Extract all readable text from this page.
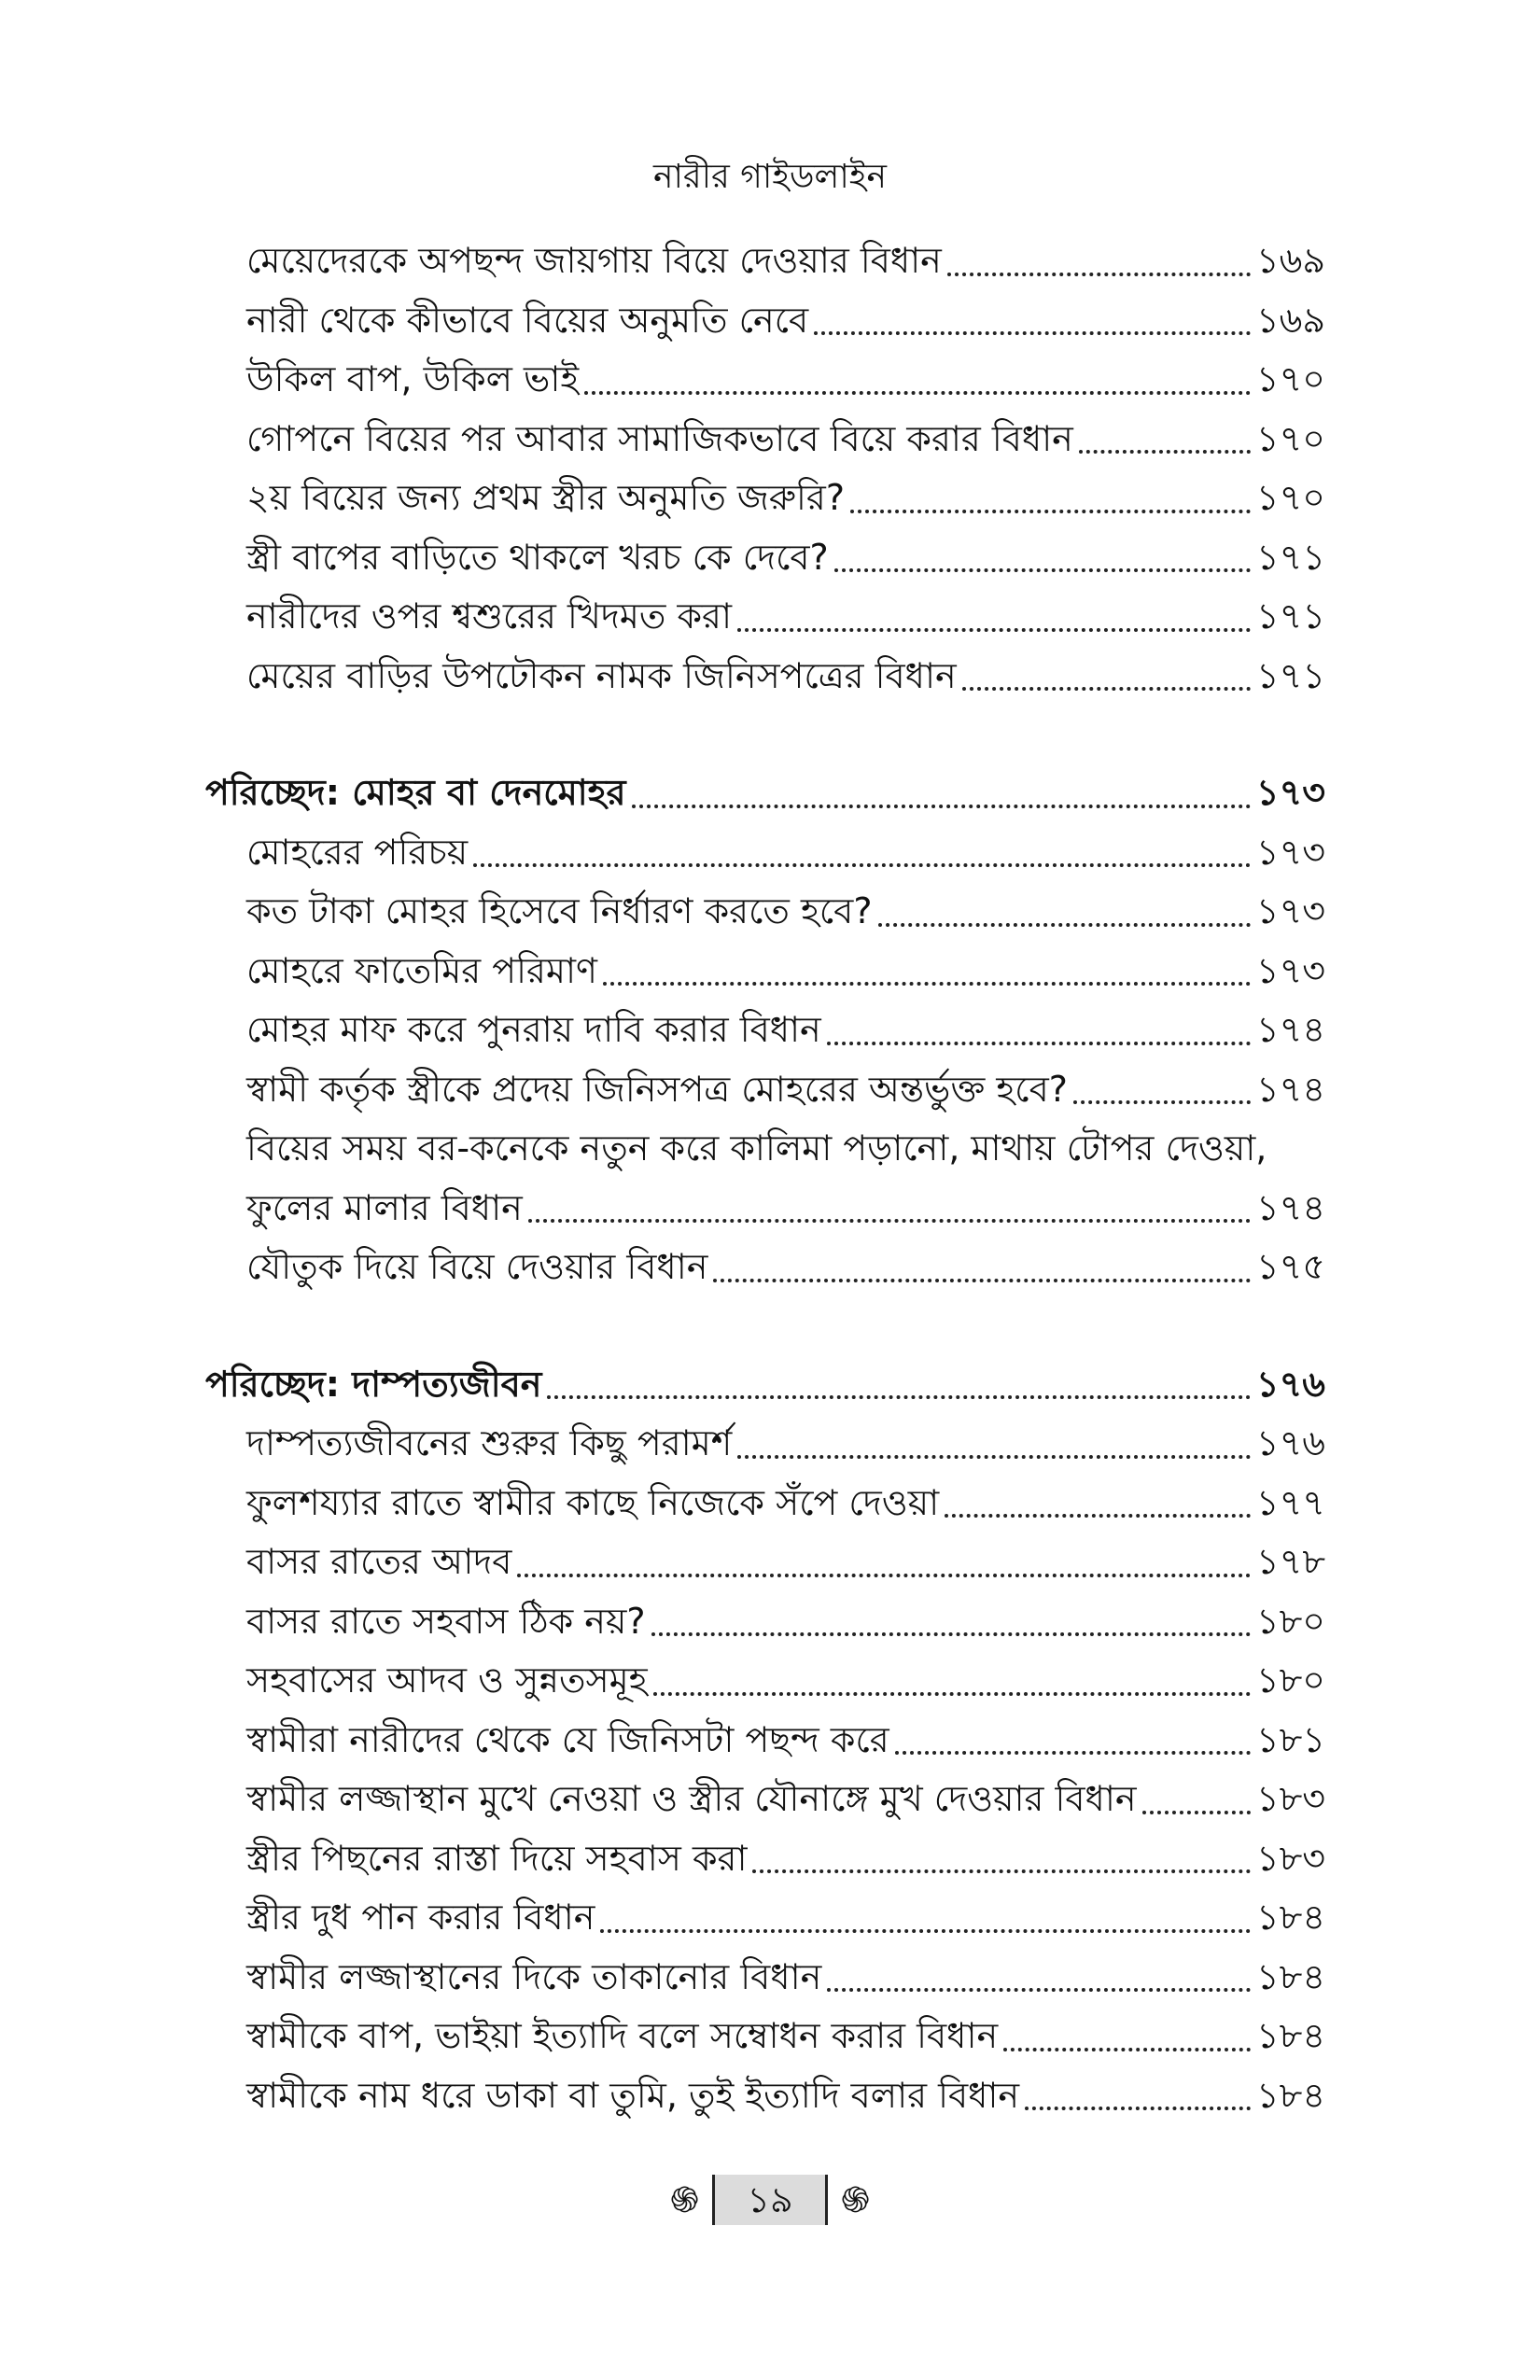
নারীর গাইডলাইন
মেয়েদেরকে অপছন্দ জায়গায় বিয়ে দেওয়ার বিধান	১৬৯
নারী থেকে কীভাবে বিয়ের অনুমতি নেবে	১৬৯
উকিল বাপ, উকিল ভাই	১৭০
গোপনে বিয়ের পর আবার সামাজিকভাবে বিয়ে করার বিধান	১৭০
২য় বিয়ের জন্য প্রথম স্ত্রীর অনুমতি জরুরি?	১৭০
স্ত্রী বাপের বাড়িতে থাকলে খরচ কে দেবে?	১৭১
নারীদের ওপর শ্বশুরের খিদমত করা	১৭১
মেয়ের বাড়ির উপঢৌকন নামক জিনিসপত্রের বিধান	১৭১
পরিচ্ছেদ: মোহর বা দেনমোহর	১৭৩
মোহরের পরিচয়	১৭৩
কত টাকা মোহর হিসেবে নির্ধারণ করতে হবে?	১৭৩
মোহরে ফাতেমির পরিমাণ	১৭৩
মোহর মাফ করে পুনরায় দাবি করার বিধান	১৭৪
স্বামী কর্তৃক স্ত্রীকে প্রদেয় জিনিসপত্র মোহরের অন্তর্ভুক্ত হবে?	১৭৪
বিয়ের সময় বর-কনেকে নতুন করে কালিমা পড়ানো, মাথায় টোপর দেওয়া,
ফুলের মালার বিধান	১৭৪
যৌতুক দিয়ে বিয়ে দেওয়ার বিধান	১৭৫
পরিচ্ছেদ: দাম্পত্যজীবন	১৭৬
দাম্পত্যজীবনের শুরুর কিছু পরামর্শ	১৭৬
ফুলশয্যার রাতে স্বামীর কাছে নিজেকে সঁপে দেওয়া	১৭৭
বাসর রাতের আদব	১৭৮
বাসর রাতে সহবাস ঠিক নয়?	১৮০
সহবাসের আদব ও সুন্নতসমূহ	১৮০
স্বামীরা নারীদের থেকে যে জিনিসটা পছন্দ করে	১৮১
স্বামীর লজ্জাস্থান মুখে নেওয়া ও স্ত্রীর যৌনাঙ্গে মুখ দেওয়ার বিধান	১৮৩
স্ত্রীর পিছনের রাস্তা দিয়ে সহবাস করা	১৮৩
স্ত্রীর দুধ পান করার বিধান	১৮৪
স্বামীর লজ্জাস্থানের দিকে তাকানোর বিধান	১৮৪
স্বামীকে বাপ, ভাইয়া ইত্যাদি বলে সম্বোধন করার বিধান	১৮৪
স্বামীকে নাম ধরে ডাকা বা তুমি, তুই ইত্যাদি বলার বিধান	১৮৪
֍	১৯	֍
